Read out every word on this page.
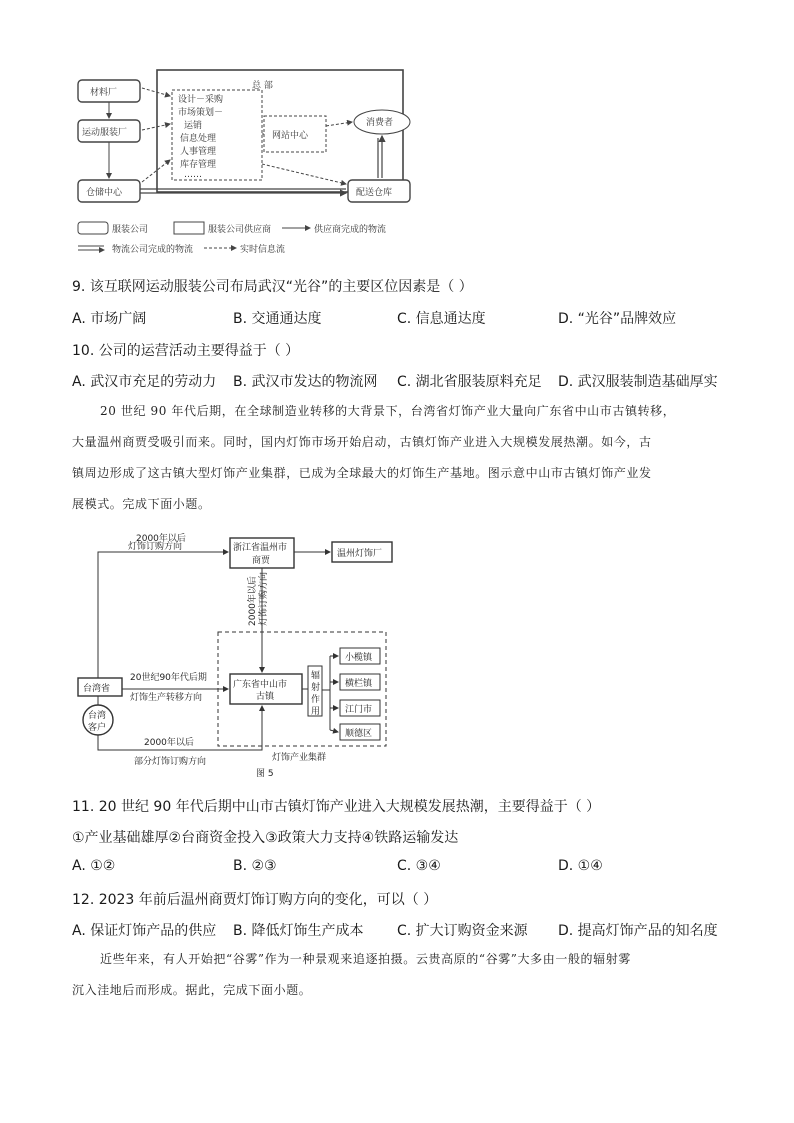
总 部
设计－采购
市场策划－
运销
信息处理
人事管理
库存管理
……
网站中心
材料厂
运动服装厂
仓储中心
消费者
配送仓库
服装公司	服装公司供应商	供应商完成的物流
物流公司完成的物流	实时信息流
9. 该互联网运动服装公司布局武汉“光谷”的主要区位因素是（ ）
A. 市场广阔	B. 交通通达度	C. 信息通达度	D. “光谷”品牌效应
10. 公司的运营活动主要得益于（ ）
A. 武汉市充足的劳动力 B. 武汉市发达的物流网 C. 湖北省服装原料充足 D. 武汉服装制造基础厚实

20 世纪 90 年代后期，在全球制造业转移的大背景下，台湾省灯饰产业大量向广东省中山市古镇转移，

大量温州商贾受吸引而来。同时，国内灯饰市场开始启动，古镇灯饰产业进入大规模发展热潮。如今，古

镇周边形成了这古镇大型灯饰产业集群，已成为全球最大的灯饰生产基地。图示意中山市古镇灯饰产业发

展模式。完成下面小题。

浙江省温州市
商贾
温州灯饰厂
台湾省
台湾
客户
广东省中山市
古镇
辐
射
作
用
小榄镇
横栏镇
江门市
顺德区
2000年以后
灯饰订购方向
2000年以后 灯饰订购方向
20世纪90年代后期
灯饰生产转移方向
2000年以后
部分灯饰订购方向	灯饰产业集群
图 5
11. 20 世纪 90 年代后期中山市古镇灯饰产业进入大规模发展热潮，主要得益于（ ）
①产业基础雄厚②台商资金投入③政策大力支持④铁路运输发达
A. ①②	B. ②③	C. ③④	D. ①④
12. 2023 年前后温州商贾灯饰订购方向的变化，可以（ ）
A. 保证灯饰产品的供应 B. 降低灯饰生产成本 C. 扩大订购资金来源 D. 提高灯饰产品的知名度

近些年来，有人开始把“谷雾”作为一种景观来追逐拍摄。云贵高原的“谷雾”大多由一般的辐射雾

沉入洼地后而形成。据此，完成下面小题。
